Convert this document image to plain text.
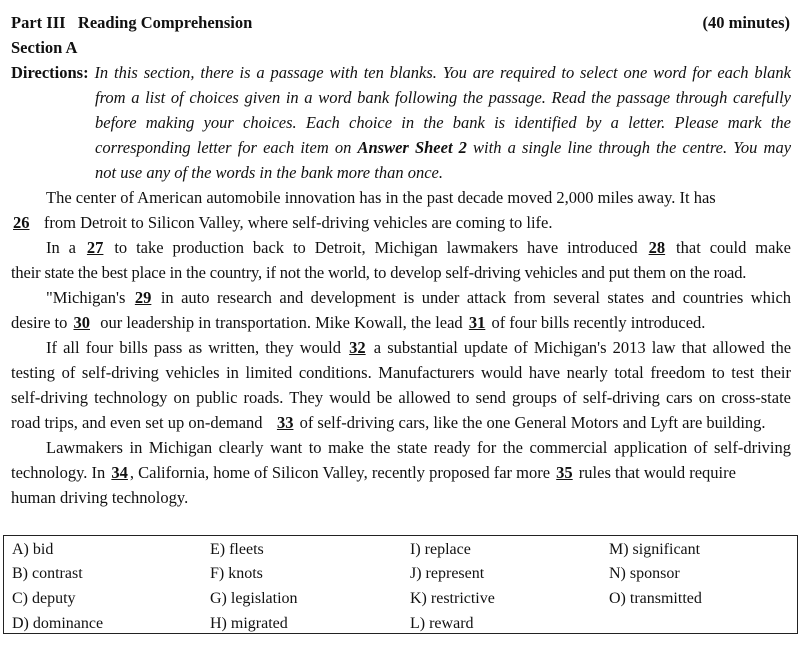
Part III Reading Comprehension	(40 minutes)
Section A
Directions: In this section, there is a passage with ten blanks. You are required to select one word for each blank
from a list of choices given in a word bank following the passage. Read the passage through carefully
before making your choices. Each choice in the bank is identified by a letter. Please mark the
corresponding letter for each item on Answer Sheet 2 with a single line through the centre. You may
not use any of the words in the bank more than once.
The center of American automobile innovation has in the past decade moved 2,000 miles away. It has
26 from Detroit to Silicon Valley, where self-driving vehicles are coming to life.
In a 27 to take production back to Detroit, Michigan lawmakers have introduced 28 that could make
their state the best place in the country, if not the world, to develop self-driving vehicles and put them on the road.
"Michigan's 29 in auto research and development is under attack from several states and countries which
desire to 30 our leadership in transportation. Mike Kowall, the lead 31 of four bills recently introduced.
If all four bills pass as written, they would 32 a substantial update of Michigan's 2013 law that allowed the
testing of self-driving vehicles in limited conditions. Manufacturers would have nearly total freedom to test their
self-driving technology on public roads. They would be allowed to send groups of self-driving cars on cross-state
road trips, and even set up on-demand 33 of self-driving cars, like the one General Motors and Lyft are building.
Lawmakers in Michigan clearly want to make the state ready for the commercial application of self-driving
technology. In 34 , California, home of Silicon Valley, recently proposed far more 35 rules that would require
human driving technology.
A) bid
B) contrast
C) deputy
D) dominance
E) fleets
F) knots
G) legislation
H) migrated
I) replace
J) represent
K) restrictive
L) reward
M) significant
N) sponsor
O) transmitted
